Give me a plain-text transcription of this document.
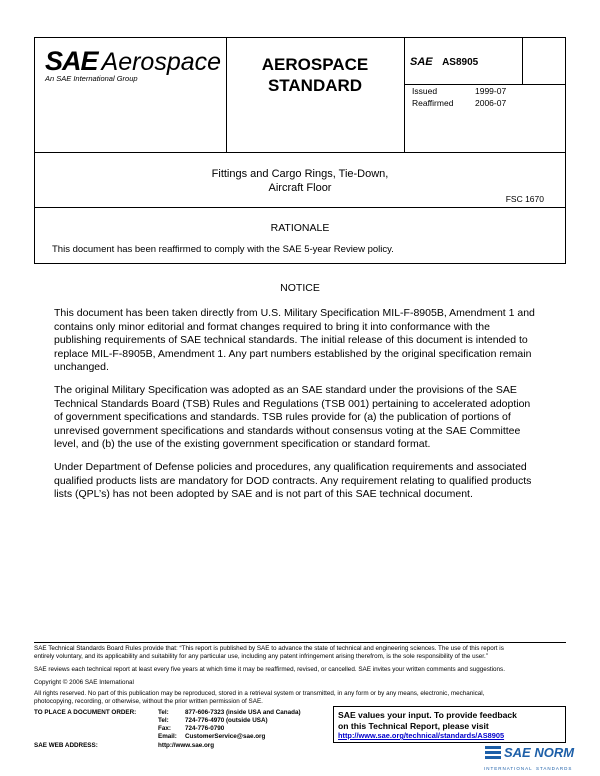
SAE Aerospace
An SAE International Group
AEROSPACE
STANDARD
SAE AS8905
Issued	1999-07
Reaffirmed	2006-07
Fittings and Cargo Rings, Tie-Down,
Aircraft Floor
FSC 1670
RATIONALE
This document has been reaffirmed to comply with the SAE 5-year Review policy.
NOTICE
This document has been taken directly from U.S. Military Specification MIL-F-8905B, Amendment 1 and
contains only minor editorial and format changes required to bring it into conformance with the
publishing requirements of SAE technical standards. The initial release of this document is intended to
replace MIL-F-8905B, Amendment 1. Any part numbers established by the original specification remain
unchanged.
The original Military Specification was adopted as an SAE standard under the provisions of the SAE
Technical Standards Board (TSB) Rules and Regulations (TSB 001) pertaining to accelerated adoption
of government specifications and standards. TSB rules provide for (a) the publication of portions of
unrevised government specifications and standards without consensus voting at the SAE Committee
level, and (b) the use of the existing government specification or standard format.
Under Department of Defense policies and procedures, any qualification requirements and associated
qualified products lists are mandatory for DOD contracts. Any requirement relating to qualified products
lists (QPL’s) has not been adopted by SAE and is not part of this SAE technical document.
SAE Technical Standards Board Rules provide that: “This report is published by SAE to advance the state of technical and engineering sciences. The use of this report is
entirely voluntary, and its applicability and suitability for any particular use, including any patent infringement arising therefrom, is the sole responsibility of the user.”
SAE reviews each technical report at least every five years at which time it may be reaffirmed, revised, or cancelled. SAE invites your written comments and suggestions.
Copyright © 2006 SAE International
All rights reserved. No part of this publication may be reproduced, stored in a retrieval system or transmitted, in any form or by any means, electronic, mechanical,
photocopying, recording, or otherwise, without the prior written permission of SAE.
TO PLACE A DOCUMENT ORDER:	Tel:	877-606-7323 (inside USA and Canada)
Tel:	724-776-4970 (outside USA)
Fax: 724-776-0790
Email: CustomerService@sae.org
SAE WEB ADDRESS:	http://www.sae.org
SAE values your input. To provide feedback
on this Technical Report, please visit
http://www.sae.org/technical/standards/AS8905
SAE NORM
INTERNATIONAL STANDARDS
